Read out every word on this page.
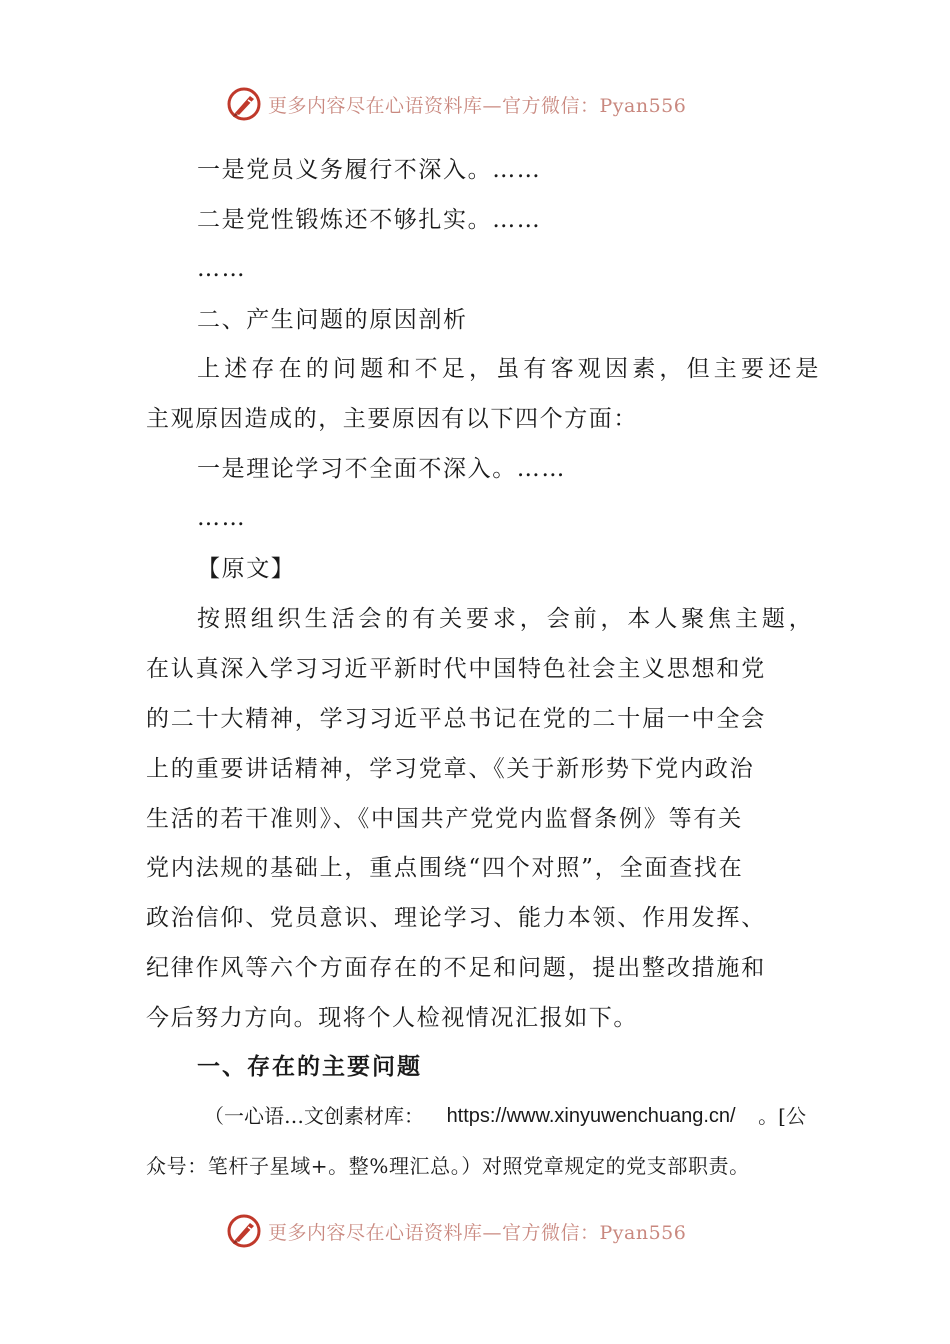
更多内容尽在心语资料库—官方微信：Pyan556
一是党员义务履行不深入。……
二是党性锻炼还不够扎实。……
……
二、产生问题的原因剖析
上述存在的问题和不足，虽有客观因素，但主要还是
主观原因造成的，主要原因有以下四个方面：
一是理论学习不全面不深入。……
……
【原文】
按照组织生活会的有关要求，会前，本人聚焦主题，
在认真深入学习习近平新时代中国特色社会主义思想和党
的二十大精神，学习习近平总书记在党的二十届一中全会
上的重要讲话精神，学习党章、《关于新形势下党内政治
生活的若干准则》、《中国共产党党内监督条例》等有关
党内法规的基础上，重点围绕“四个对照”，全面查找在
政治信仰、党员意识、理论学习、能力本领、作用发挥、
纪律作风等六个方面存在的不足和问题，提出整改措施和
今后努力方向。现将个人检视情况汇报如下。
一、存在的主要问题
（一心语…文创素材库： https://www.xinyuwenchuang.cn/ 。[公
众号：笔杆子星域+。整%理汇总。）对照党章规定的党支部职责。
更多内容尽在心语资料库—官方微信：Pyan556
